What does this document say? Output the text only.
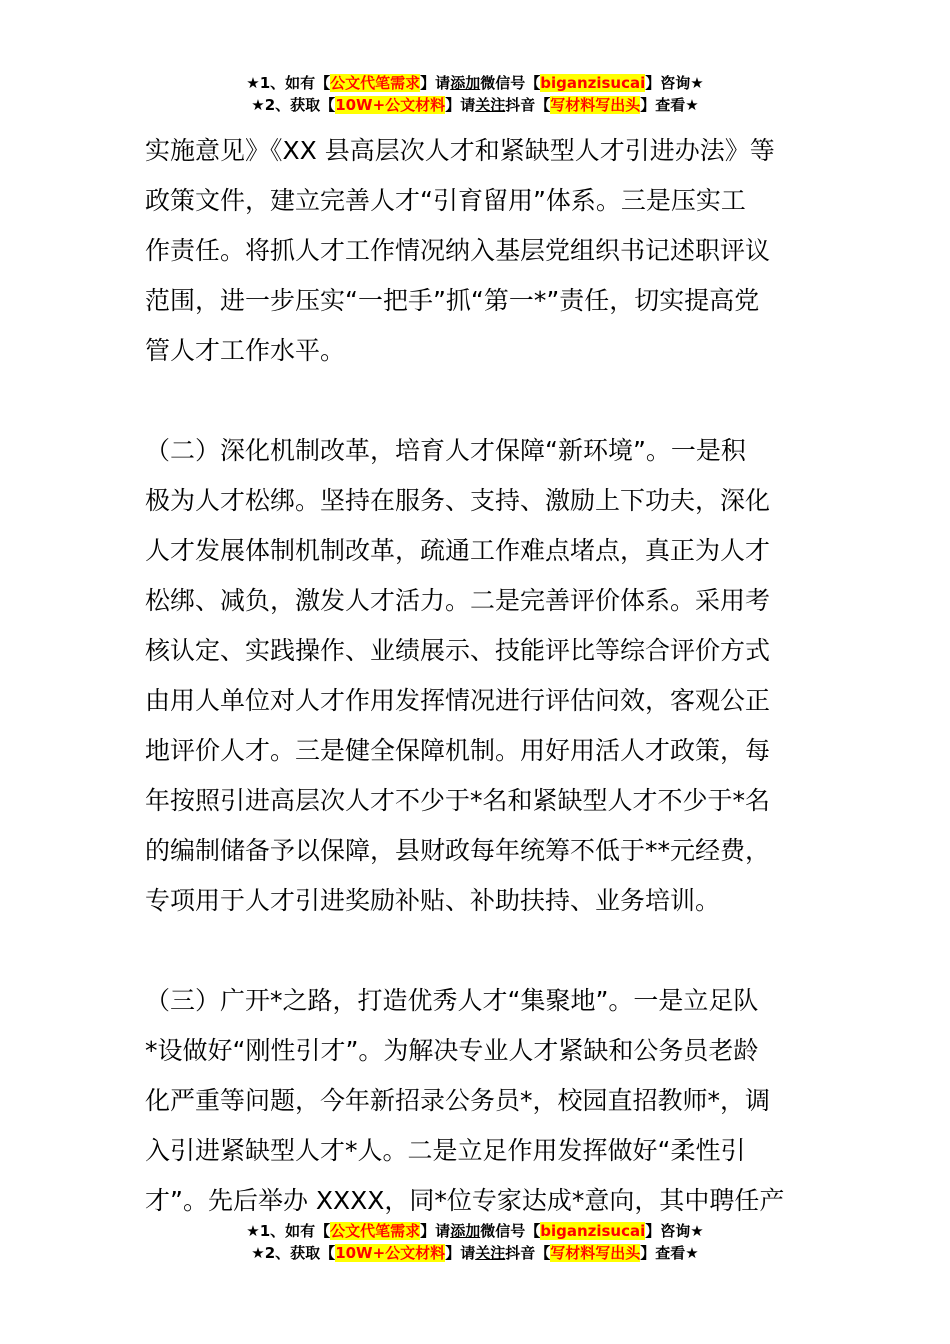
★1、如有【公文代笔需求】请添加微信号【biganzisucai】咨询★
★2、获取【10W+公文材料】请关注抖音【写材料写出头】查看★

实施意见》《XX 县高层次人才和紧缺型人才引进办法》等
政策文件，建立完善人才“引育留用”体系。三是压实工
作责任。将抓人才工作情况纳入基层党组织书记述职评议
范围，进一步压实“一把手”抓“第一*”责任，切实提高党
管人才工作水平。

（二）深化机制改革，培育人才保障“新环境”。一是积
极为人才松绑。坚持在服务、支持、激励上下功夫，深化
人才发展体制机制改革，疏通工作难点堵点，真正为人才
松绑、减负，激发人才活力。二是完善评价体系。采用考
核认定、实践操作、业绩展示、技能评比等综合评价方式
由用人单位对人才作用发挥情况进行评估问效，客观公正
地评价人才。三是健全保障机制。用好用活人才政策，每
年按照引进高层次人才不少于*名和紧缺型人才不少于*名
的编制储备予以保障，县财政每年统筹不低于**元经费，
专项用于人才引进奖励补贴、补助扶持、业务培训。

（三）广开*之路，打造优秀人才“集聚地”。一是立足队
*设做好“刚性引才”。为解决专业人才紧缺和公务员老龄
化严重等问题，今年新招录公务员*，校园直招教师*，调
入引进紧缺型人才*人。二是立足作用发挥做好“柔性引
才”。先后举办 XXXX，同*位专家达成*意向，其中聘任产

★1、如有【公文代笔需求】请添加微信号【biganzisucai】咨询★
★2、获取【10W+公文材料】请关注抖音【写材料写出头】查看★
